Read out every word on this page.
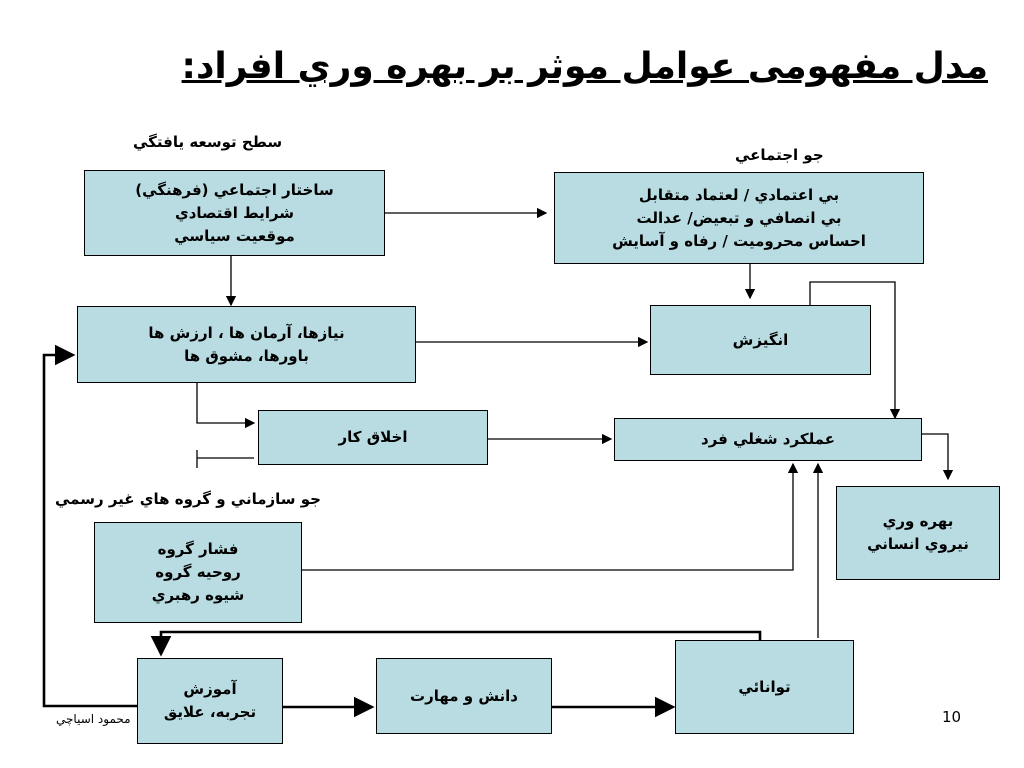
مدل مفهومی عوامل موثر بر بهره وري افراد:
سطح توسعه يافتگي
جو اجتماعي
جو سازماني و گروه هاي غير رسمي
ساختار اجتماعي (فرهنگي)
شرايط اقتصادي
موقعيت سياسي
بي اعتمادي / لعتماد متقابل
بي انصافي و تبعيض/ عدالت
احساس محروميت / رفاه و آسايش
نيازها، آرمان ها ، ارزش ها
باورها، مشوق ها
انگيزش
اخلاق كار	عملكرد شغلي فرد
بهره وري
نيروي انساني
فشار گروه
روحيه گروه
شيوه رهبري
آموزش
تجربه، علايق
دانش و مهارت	توانائي
محمود اسياچي	10
